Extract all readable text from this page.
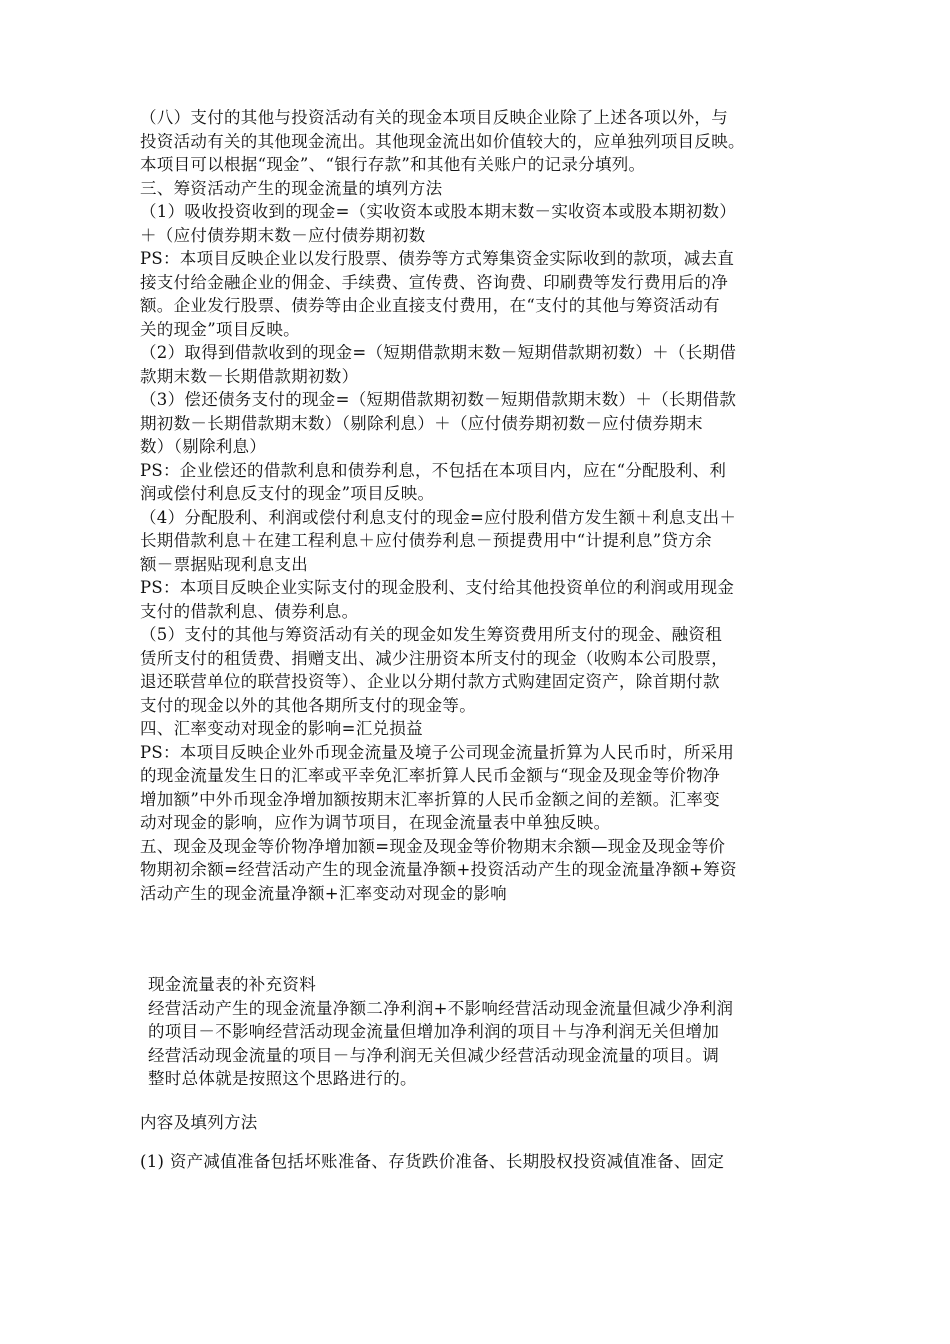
（八）支付的其他与投资活动有关的现金本项目反映企业除了上述各项以外，与
投资活动有关的其他现金流出。其他现金流出如价值较大的，应单独列项目反映。
本项目可以根据“现金”、“银行存款”和其他有关账户的记录分填列。
三、筹资活动产生的现金流量的填列方法
（1）吸收投资收到的现金=（实收资本或股本期末数－实收资本或股本期初数）
＋（应付债券期末数－应付债券期初数
PS：本项目反映企业以发行股票、债券等方式筹集资金实际收到的款项，减去直
接支付给金融企业的佣金、手续费、宣传费、咨询费、印刷费等发行费用后的净
额。企业发行股票、债券等由企业直接支付费用，在“支付的其他与筹资活动有
关的现金”项目反映。
（2）取得到借款收到的现金=（短期借款期末数－短期借款期初数）＋（长期借
款期末数－长期借款期初数）
（3）偿还债务支付的现金=（短期借款期初数－短期借款期末数）＋（长期借款
期初数－长期借款期末数）（剔除利息）＋（应付债券期初数－应付债券期末
数）（剔除利息）
PS：企业偿还的借款利息和债券利息，不包括在本项目内，应在“分配股利、利
润或偿付利息反支付的现金”项目反映。
（4）分配股利、利润或偿付利息支付的现金=应付股利借方发生额＋利息支出＋
长期借款利息＋在建工程利息＋应付债券利息－预提费用中“计提利息”贷方余
额－票据贴现利息支出
PS：本项目反映企业实际支付的现金股利、支付给其他投资单位的利润或用现金
支付的借款利息、债券利息。
（5）支付的其他与筹资活动有关的现金如发生筹资费用所支付的现金、融资租
赁所支付的租赁费、捐赠支出、减少注册资本所支付的现金（收购本公司股票，
退还联营单位的联营投资等）、企业以分期付款方式购建固定资产，除首期付款
支付的现金以外的其他各期所支付的现金等。
四、汇率变动对现金的影响=汇兑损益
PS：本项目反映企业外币现金流量及境子公司现金流量折算为人民币时，所采用
的现金流量发生日的汇率或平幸免汇率折算人民币金额与“现金及现金等价物净
增加额”中外币现金净增加额按期末汇率折算的人民币金额之间的差额。汇率变
动对现金的影响，应作为调节项目，在现金流量表中单独反映。
五、现金及现金等价物净增加额=现金及现金等价物期末余额—现金及现金等价
物期初余额=经营活动产生的现金流量净额+投资活动产生的现金流量净额+筹资
活动产生的现金流量净额+汇率变动对现金的影响
现金流量表的补充资料
经营活动产生的现金流量净额二净利润+不影响经营活动现金流量但减少净利润
的项目－不影响经营活动现金流量但增加净利润的项目＋与净利润无关但增加
经营活动现金流量的项目－与净利润无关但减少经营活动现金流量的项目。调
整时总体就是按照这个思路进行的。
内容及填列方法
(1) 资产减值准备包括坏账准备、存货跌价准备、长期股权投资减值准备、固定
